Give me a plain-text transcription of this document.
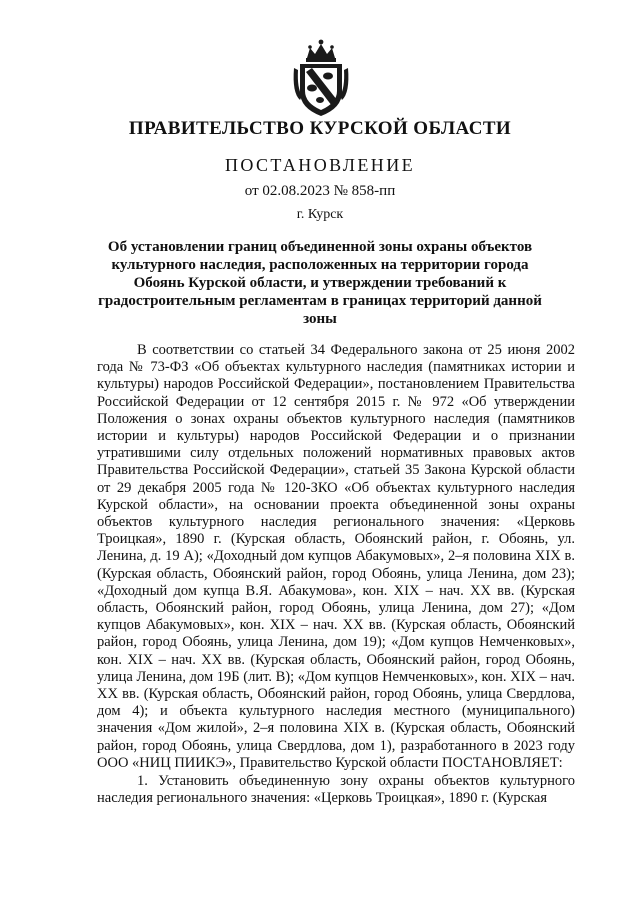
ПРАВИТЕЛЬСТВО КУРСКОЙ ОБЛАСТИ
ПОСТАНОВЛЕНИЕ
от 02.08.2023 № 858-пп
г. Курск
Об установлении границ объединенной зоны охраны объектов культурного наследия, расположенных на территории города Обоянь Курской области, и утверждении требований к градостроительным регламентам в границах территорий данной зоны

В соответствии со статьей 34 Федерального закона от 25 июня 2002 года № 73-ФЗ «Об объектах культурного наследия (памятниках истории и культуры) народов Российской Федерации», постановлением Правительства Российской Федерации от 12 сентября 2015 г. № 972 «Об утверждении Положения о зонах охраны объектов культурного наследия (памятников истории и культуры) народов Российской Федерации и о признании утратившими силу отдельных положений нормативных правовых актов Правительства Российской Федерации», статьей 35 Закона Курской области от 29 декабря 2005 года № 120-ЗКО «Об объектах культурного наследия Курской области», на основании проекта объединенной зоны охраны объектов культурного наследия регионального значения: «Церковь Троицкая», 1890 г. (Курская область, Обоянский район, г. Обоянь, ул. Ленина, д. 19 А); «Доходный дом купцов Абакумовых», 2–я половина XIX в. (Курская область, Обоянский район, город Обоянь, улица Ленина, дом 23); «Доходный дом купца В.Я. Абакумова», кон. XIX – нач. XX вв. (Курская область, Обоянский район, город Обоянь, улица Ленина, дом 27); «Дом купцов Абакумовых», кон. XIX – нач. XX вв. (Курская область, Обоянский район, город Обоянь, улица Ленина, дом 19); «Дом купцов Немченковых», кон. XIX – нач. XX вв. (Курская область, Обоянский район, город Обоянь, улица Ленина, дом 19Б (лит. В); «Дом купцов Немченковых», кон. XIX – нач. XX вв. (Курская область, Обоянский район, город Обоянь, улица Свердлова, дом 4); и объекта культурного наследия местного (муниципального) значения «Дом жилой», 2–я половина XIX в. (Курская область, Обоянский район, город Обоянь, улица Свердлова, дом 1), разработанного в 2023 году ООО «НИЦ ПИИКЭ», Правительство Курской области ПОСТАНОВЛЯЕТ:

1. Установить объединенную зону охраны объектов культурного наследия регионального значения: «Церковь Троицкая», 1890 г. (Курская
